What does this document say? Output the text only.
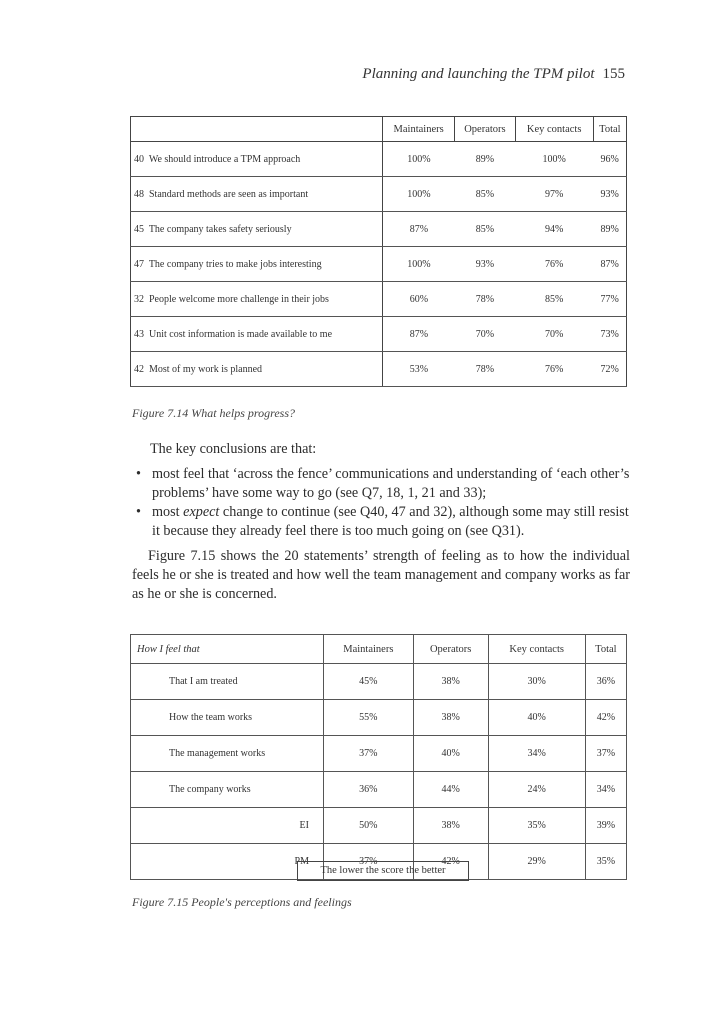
Planning and launching the TPM pilot 155
	Maintainers	Operators	Key contacts	Total
40 We should introduce a TPM approach	100%	89%	100%	96%
48 Standard methods are seen as important	100%	85%	97%	93%
45 The company takes safety seriously	87%	85%	94%	89%
47 The company tries to make jobs interesting	100%	93%	76%	87%
32 People welcome more challenge in their jobs	60%	78%	85%	77%
43 Unit cost information is made available to me	87%	70%	70%	73%
42 Most of my work is planned	53%	78%	76%	72%
Figure 7.14 What helps progress?
The key conclusions are that:
• most feel that ‘across the fence’ communications and understanding of ‘each other’s problems’ have some way to go (see Q7, 18, 1, 21 and 33);
• most expect change to continue (see Q40, 47 and 32), although some may still resist it because they already feel there is too much going on (see Q31).
Figure 7.15 shows the 20 statements’ strength of feeling as to how the individual feels he or she is treated and how well the team management and company works as far as he or she is concerned.
How I feel that	Maintainers	Operators	Key contacts	Total
That I am treated	45%	38%	30%	36%
How the team works	55%	38%	40%	42%
The management works	37%	40%	34%	37%
The company works	36%	44%	24%	34%
EI	50%	38%	35%	39%
PM	37%	42%	29%	35%
The lower the score the better
Figure 7.15 People's perceptions and feelings
